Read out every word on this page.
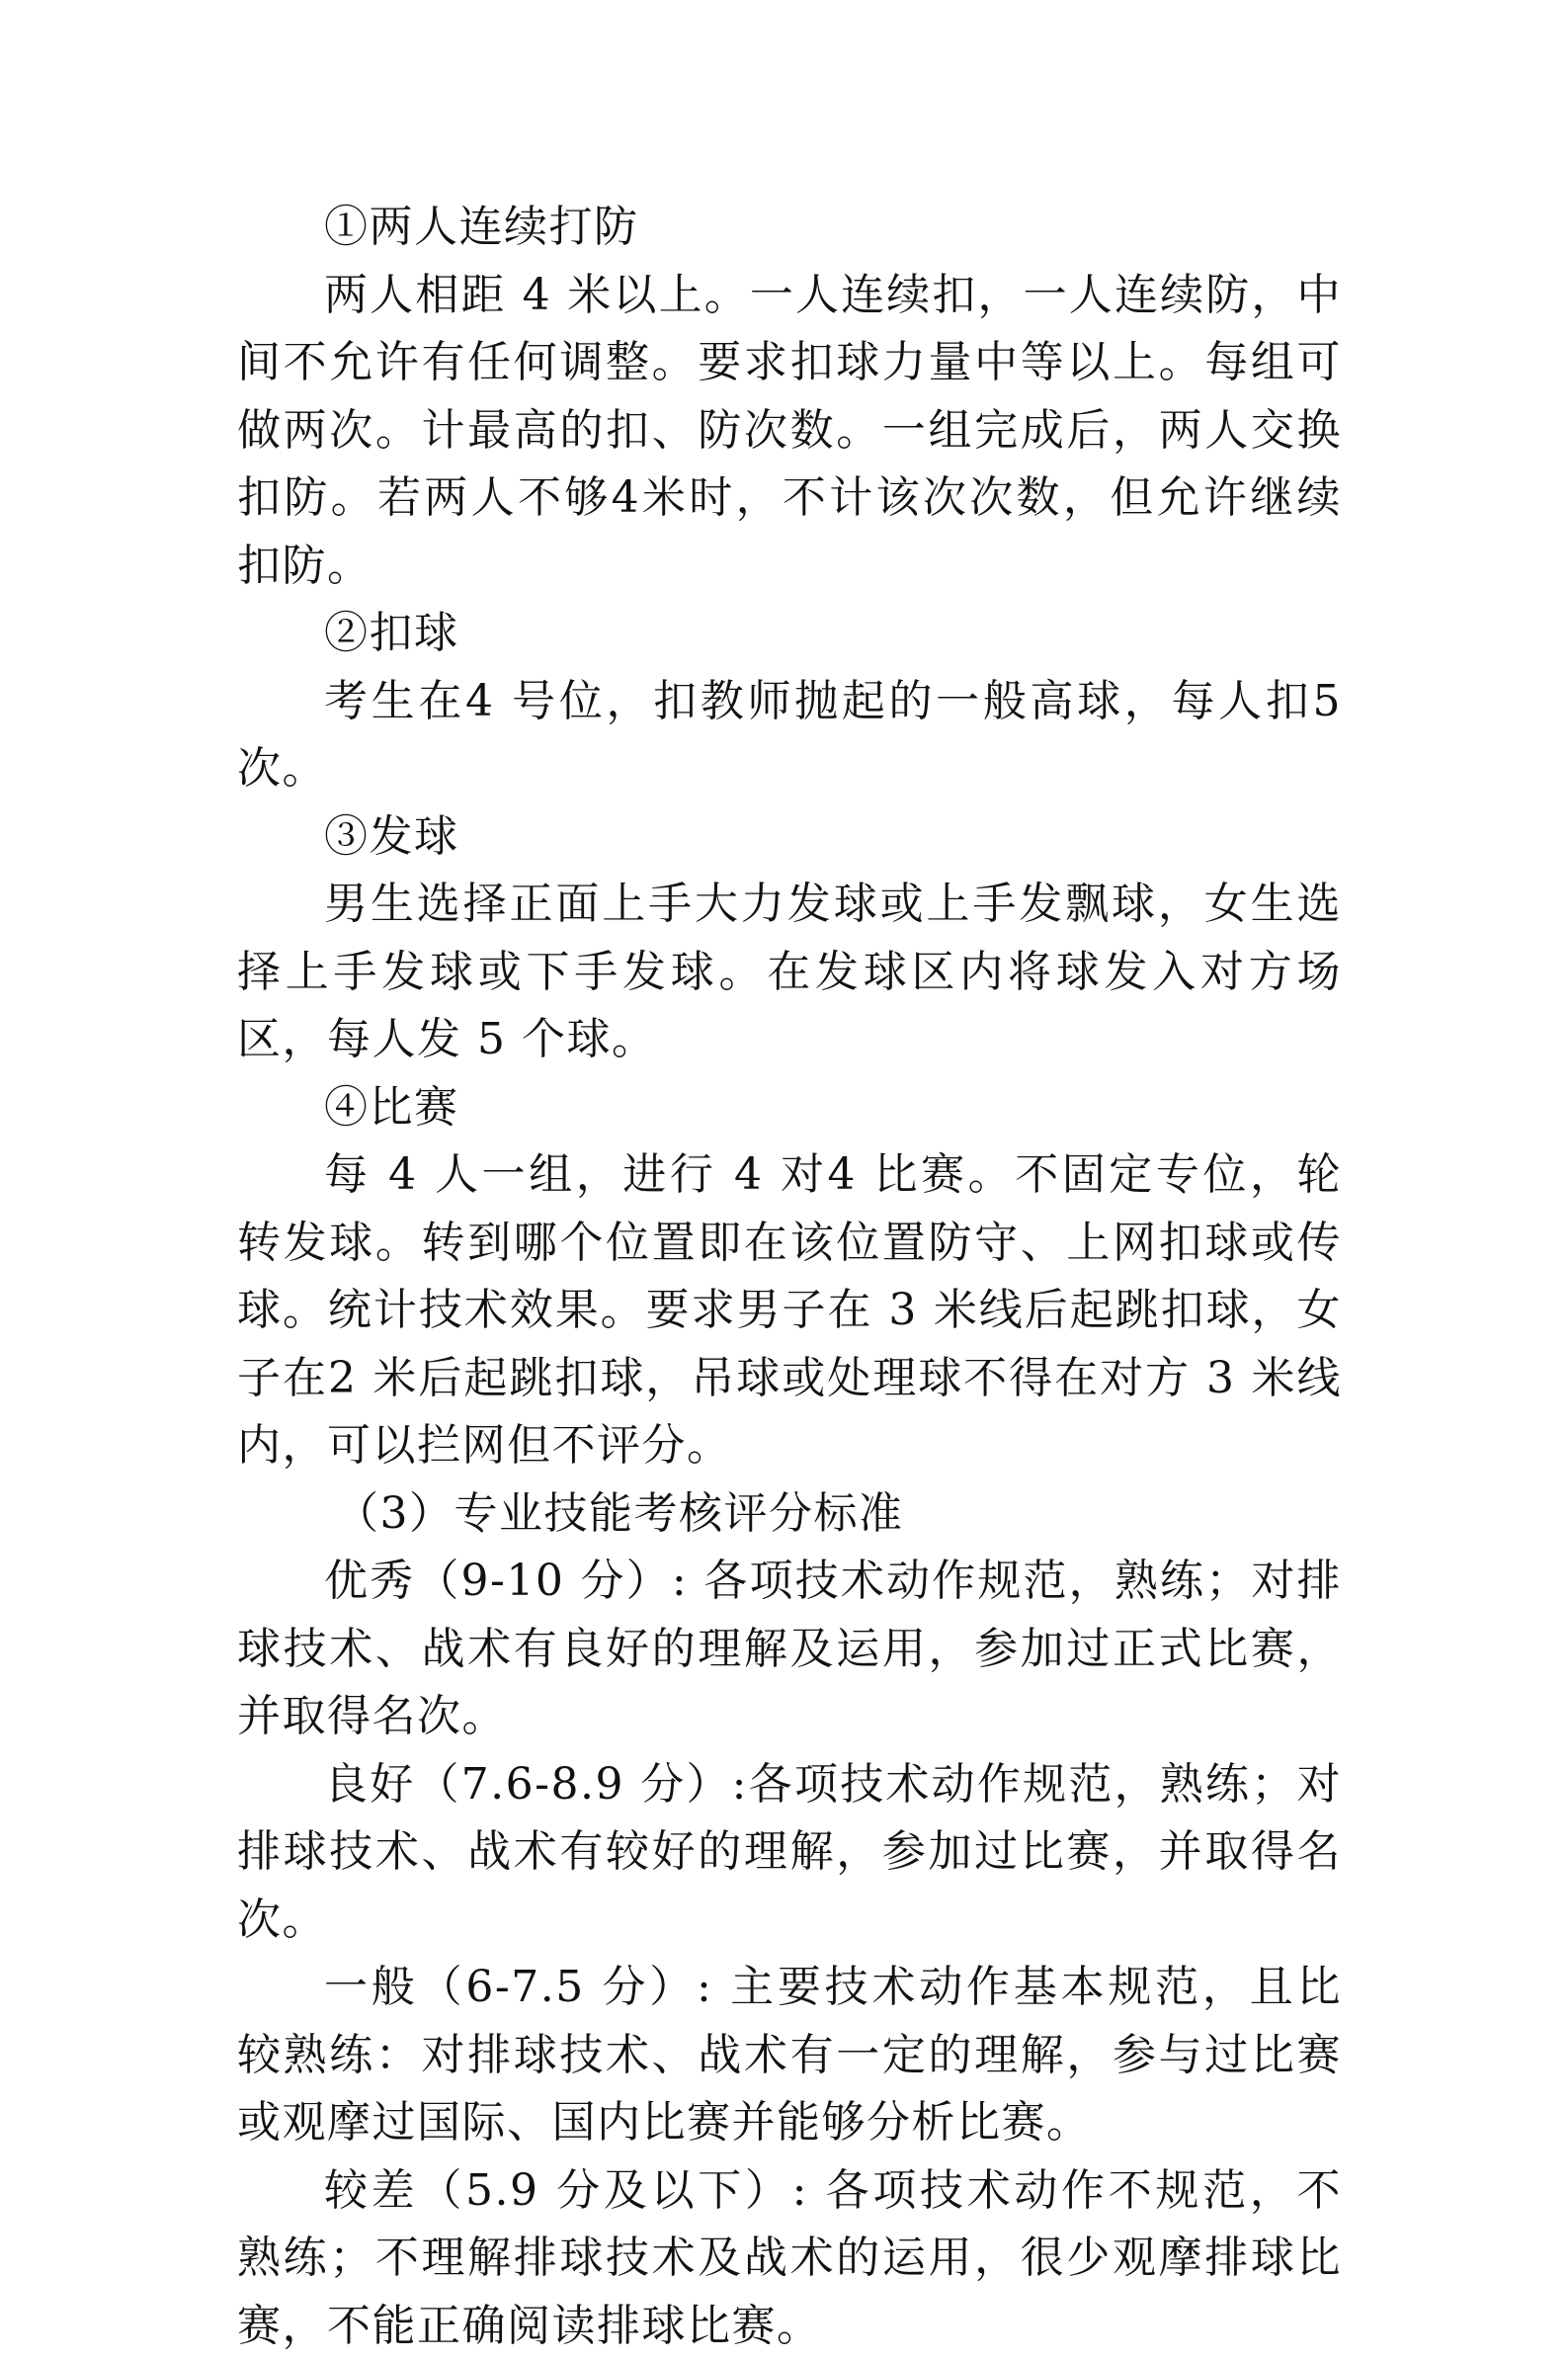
①两人连续打防

两人相距 4 米以上。一人连续扣，一人连续防，中间不允许有任何调整。要求扣球力量中等以上。每组可做两次。计最高的扣、防次数。一组完成后，两人交换扣防。若两人不够4米时，不计该次次数，但允许继续扣防。

②扣球

考生在4 号位，扣教师抛起的一般高球，每人扣5 次。

③发球

男生选择正面上手大力发球或上手发飘球，女生选择上手发球或下手发球。在发球区内将球发入对方场区，每人发 5 个球。

④比赛

每 4 人一组，进行 4 对4 比赛。不固定专位，轮转发球。转到哪个位置即在该位置防守、上网扣球或传球。统计技术效果。要求男子在 3 米线后起跳扣球，女子在2 米后起跳扣球，吊球或处理球不得在对方 3 米线内，可以拦网但不评分。

（3）专业技能考核评分标准

优秀（9-10 分）: 各项技术动作规范，熟练；对排球技术、战术有良好的理解及运用，参加过正式比赛，并取得名次。

良好（7.6-8.9 分）:各项技术动作规范，熟练；对排球技术、战术有较好的理解，参加过比赛，并取得名次。

一般（6-7.5 分）: 主要技术动作基本规范，且比较熟练：对排球技术、战术有一定的理解，参与过比赛或观摩过国际、国内比赛并能够分析比赛。

较差（5.9 分及以下）: 各项技术动作不规范，不熟练；不理解排球技术及战术的运用，很少观摩排球比赛，不能正确阅读排球比赛。
